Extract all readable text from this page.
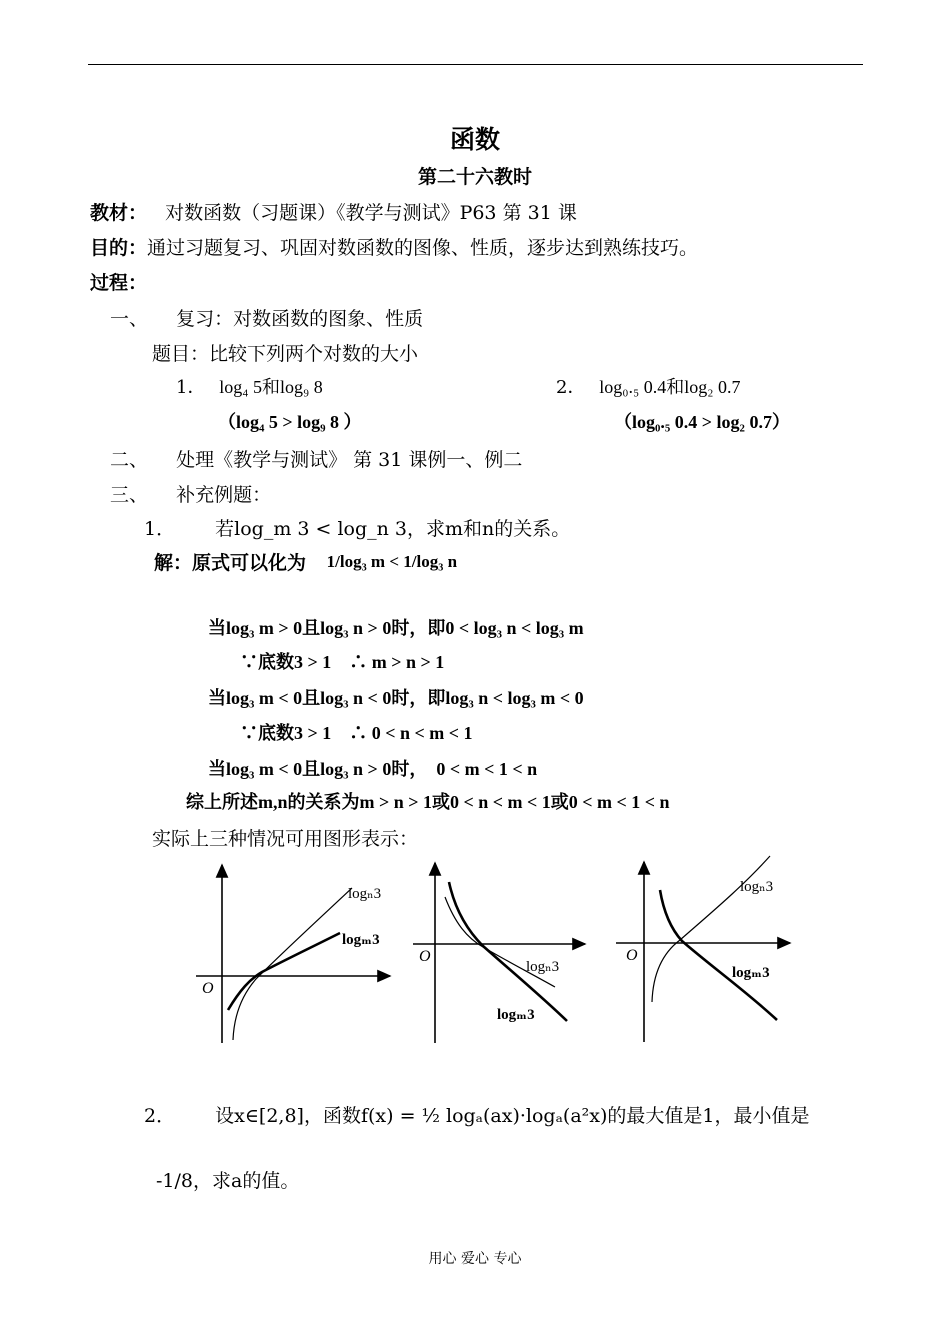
函数
第二十六教时
教材： 对数函数（习题课）《教学与测试》P63 第 31 课
目的：通过习题复习、巩固对数函数的图像、性质，逐步达到熟练技巧。
过程：
一、 复习：对数函数的图象、性质
题目：比较下列两个对数的大小
1． log₄ 5和log₉ 8
（log₄ 5 > log₉ 8 ）
2． log₀.₅ 0.4和log₂ 0.7
（log₀.₅ 0.4 > log₂ 0.7）
二、 处理《教学与测试》 第 31 课例一、例二
三、 补充例题：
1． 若log_m 3 < log_n 3，求m和n的关系。
解：原式可以化为 1/log₃ m < 1/log₃ n
当log₃ m > 0且log₃ n > 0时，即0 < log₃ n < log₃ m
∵底数3 > 1　∴ m > n > 1
当log₃ m < 0且log₃ n < 0时，即log₃ n < log₃ m < 0
∵底数3 > 1　∴ 0 < n < m < 1
当log₃ m < 0且log₃ n > 0时，　0 < m < 1 < n
综上所述m,n的关系为m > n > 1或0 < n < m < 1或0 < m < 1 < n
实际上三种情况可用图形表示：
O
logₙ3
logₘ3
O
logₙ3
logₘ3
O
logₙ3
logₘ3
2． 设x∈[2,8]，函数f(x) = ½ logₐ(ax)·logₐ(a²x)的最大值是1，最小值是
-1/8，求a的值。
用心 爱心 专心
